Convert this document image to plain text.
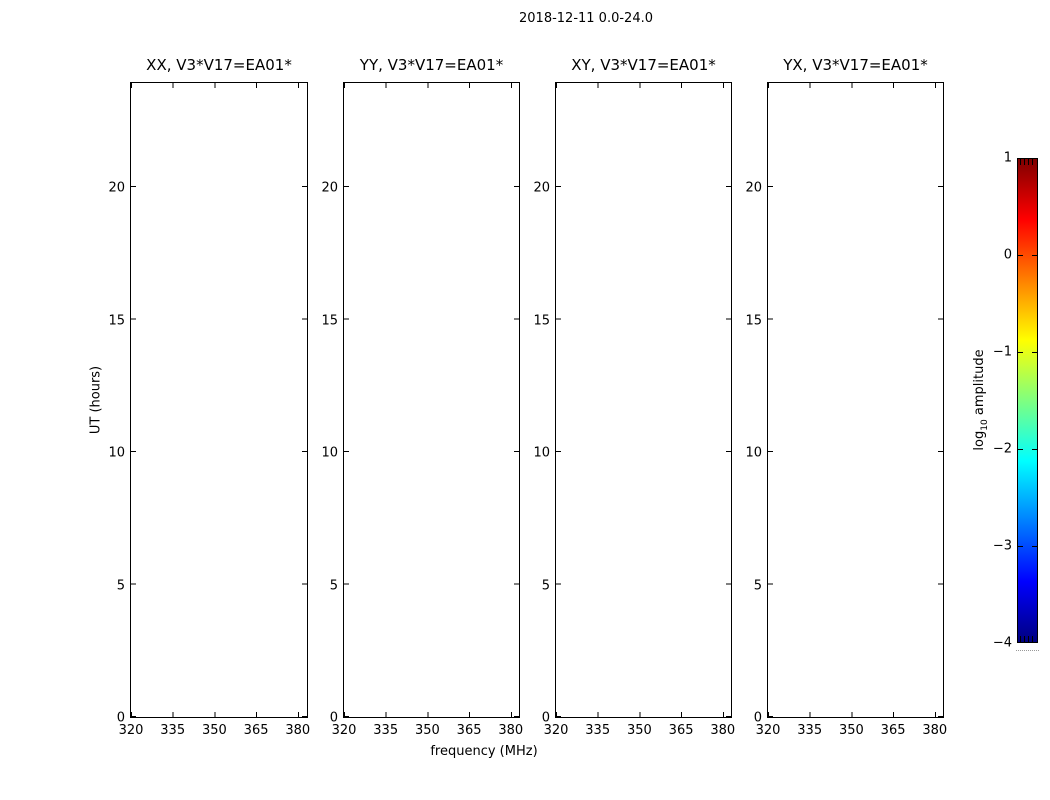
2018-12-11 0.0-24.0
XX, V3*V17=EA01*
0
5
10
15
20
320 335 350 365 380
YY, V3*V17=EA01*
0
5
10
15
20
320 335 350 365 380
XY, V3*V17=EA01*
0
5
10
15
20
320 335 350 365 380
YX, V3*V17=EA01*
0
5
10
15
20
320 335 350 365 380
UT (hours)
frequency (MHz)
1
0
−1
−2
−3
−4
$\log_{10}$ amplitude
